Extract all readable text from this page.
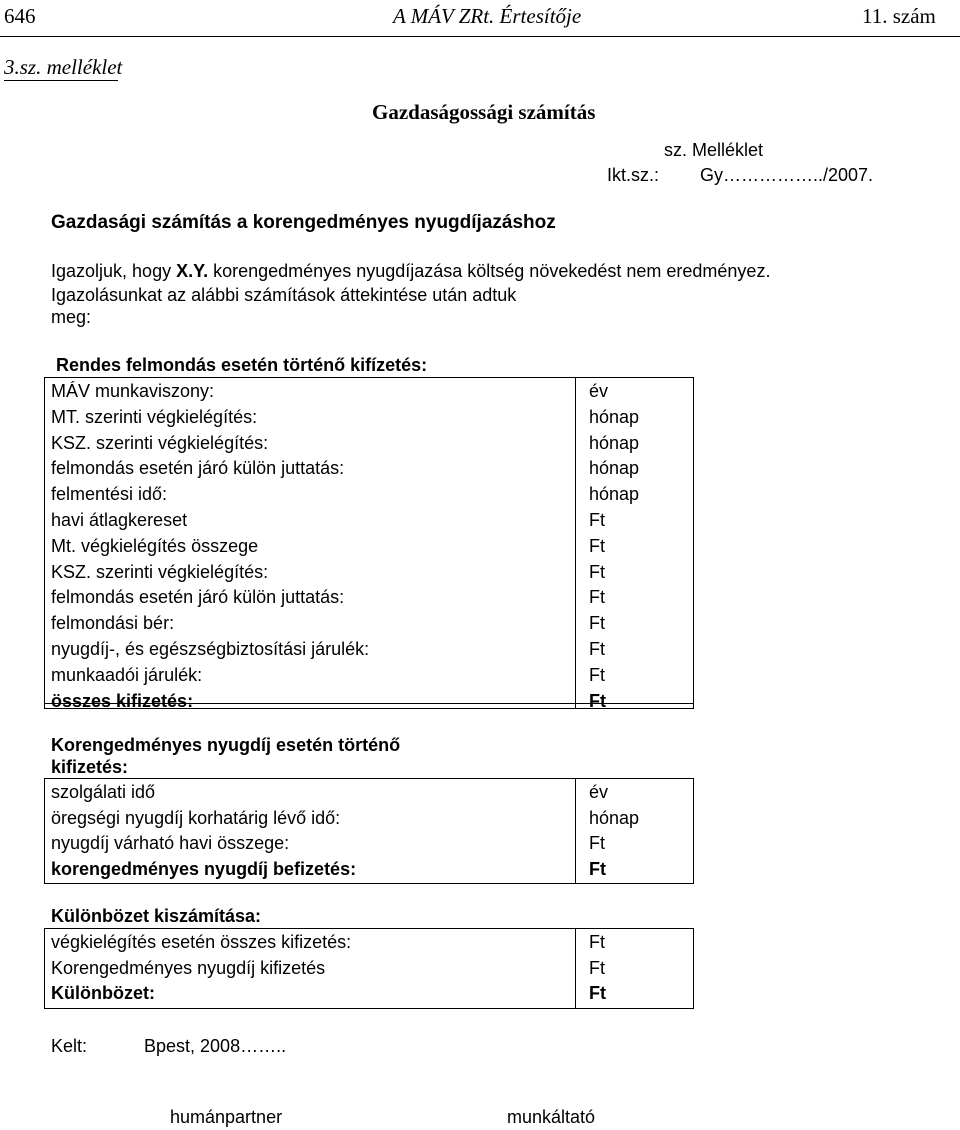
646	A MÁV ZRt. Értesítője	11. szám
3.sz. melléklet
Gazdaságossági számítás
sz. Melléklet
Ikt.sz.: Gy……………../2007.
Gazdasági számítás a korengedményes nyugdíjazáshoz
Igazoljuk, hogy X.Y. korengedményes nyugdíjazása költség növekedést nem eredményez.
Igazolásunkat az alábbi számítások áttekintése után adtuk
meg:
Rendes felmondás esetén történő kifízetés:
MÁV munkaviszony:	év
MT. szerinti végkielégítés:	hónap
KSZ. szerinti végkielégítés:	hónap
felmondás esetén járó külön juttatás:	hónap
felmentési idő:	hónap
havi átlagkereset	Ft
Mt. végkielégítés összege	Ft
KSZ. szerinti végkielégítés:	Ft
felmondás esetén járó külön juttatás:	Ft
felmondási bér:	Ft
nyugdíj-, és egészségbiztosítási járulék:	Ft
munkaadói járulék:	Ft
összes kifizetés:	Ft
Korengedményes nyugdíj esetén történő
kifizetés:
szolgálati idő	év
öregségi nyugdíj korhatárig lévő idő:	hónap
nyugdíj várható havi összege:	Ft
korengedményes nyugdíj befizetés:	Ft
Különbözet kiszámítása:
végkielégítés esetén összes kifizetés:	Ft
Korengedményes nyugdíj kifizetés	Ft
Különbözet:	Ft
Kelt:	Bpest, 2008……..
humánpartner	munkáltató
